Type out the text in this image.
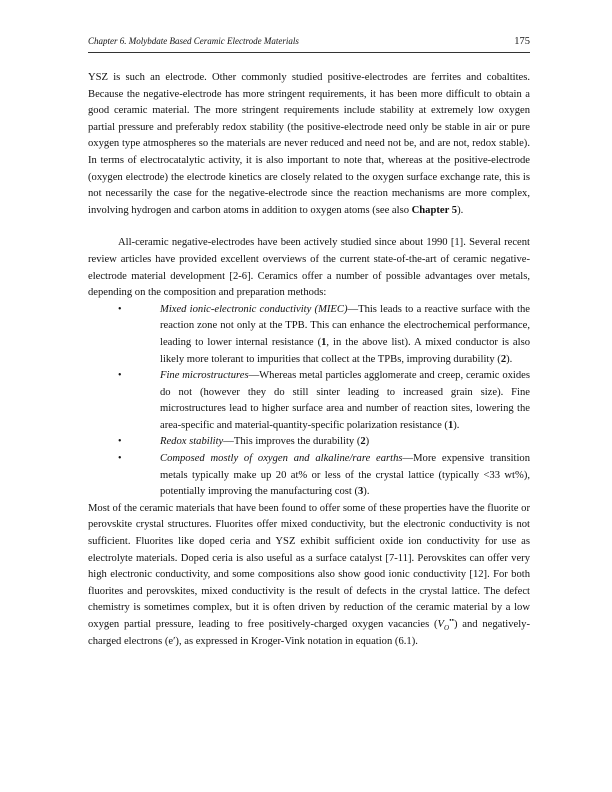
Chapter 6. Molybdate Based Ceramic Electrode Materials	175

YSZ is such an electrode. Other commonly studied positive-electrodes are ferrites and cobaltites. Because the negative-electrode has more stringent requirements, it has been more difficult to obtain a good ceramic material. The more stringent requirements include stability at extremely low oxygen partial pressure and preferably redox stability (the positive-electrode need only be stable in air or pure oxygen type atmospheres so the materials are never reduced and need not be, and are not, redox stable). In terms of electrocatalytic activity, it is also important to note that, whereas at the positive-electrode (oxygen electrode) the electrode kinetics are closely related to the oxygen surface exchange rate, this is not necessarily the case for the negative-electrode since the reaction mechanisms are more complex, involving hydrogen and carbon atoms in addition to oxygen atoms (see also Chapter 5).

All-ceramic negative-electrodes have been actively studied since about 1990 [1]. Several recent review articles have provided excellent overviews of the current state-of-the-art of ceramic negative-electrode material development [2-6]. Ceramics offer a number of possible advantages over metals, depending on the composition and preparation methods:

•	Mixed ionic-electronic conductivity (MIEC)—This leads to a reactive surface with the reaction zone not only at the TPB. This can enhance the electrochemical performance, leading to lower internal resistance (1, in the above list). A mixed conductor is also likely more tolerant to impurities that collect at the TPBs, improving durability (2).
•	Fine microstructures—Whereas metal particles agglomerate and creep, ceramic oxides do not (however they do still sinter leading to increased grain size). Fine microstructures lead to higher surface area and number of reaction sites, lowering the area-specific and material-quantity-specific polarization resistance (1).
•	Redox stability—This improves the durability (2)
•	Composed mostly of oxygen and alkaline/rare earths—More expensive transition metals typically make up 20 at% or less of the crystal lattice (typically <33 wt%), potentially improving the manufacturing cost (3).

Most of the ceramic materials that have been found to offer some of these properties have the fluorite or perovskite crystal structures. Fluorites offer mixed conductivity, but the electronic conductivity is not sufficient. Fluorites like doped ceria and YSZ exhibit sufficient oxide ion conductivity for use as electrolyte materials. Doped ceria is also useful as a surface catalyst [7-11]. Perovskites can offer very high electronic conductivity, and some compositions also show good ionic conductivity [12]. For both fluorites and perovskites, mixed conductivity is the result of defects in the crystal lattice. The defect chemistry is sometimes complex, but it is often driven by reduction of the ceramic material by a low oxygen partial pressure, leading to free positively-charged oxygen vacancies $(V_O^{••})$ and negatively-charged electrons (e′), as expressed in Kroger-Vink notation in equation (6.1).
